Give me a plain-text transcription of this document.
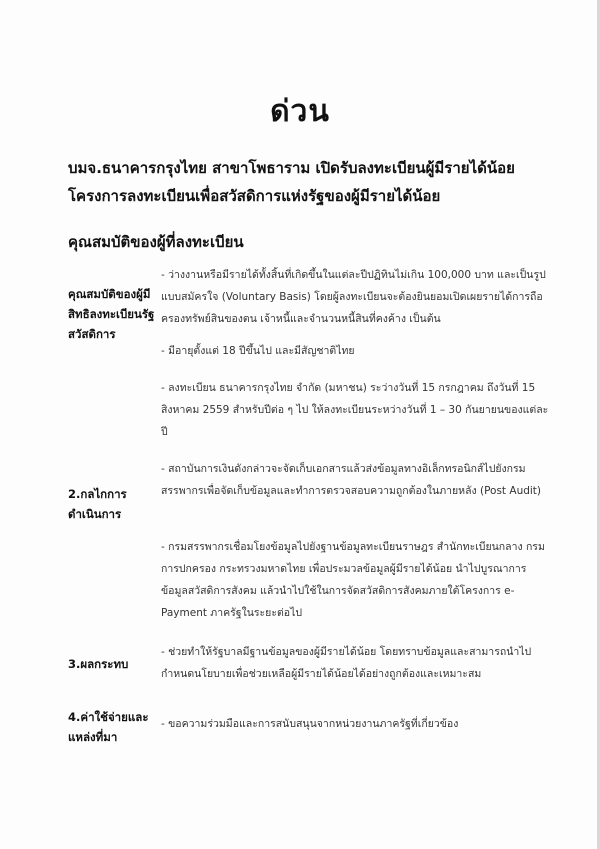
ด่วน
บมจ.ธนาคารกรุงไทย สาขาโพธาราม เปิดรับลงทะเบียนผู้มีรายได้น้อย
โครงการลงทะเบียนเพื่อสวัสดิการแห่งรัฐของผู้มีรายได้น้อย
คุณสมบัติของผู้ที่ลงทะเบียน
คุณสมบัติของผู้มีสิทธิลงทะเบียนรัฐสวัสดิการ
2.กลไกการดำเนินการ
3.ผลกระทบ
4.ค่าใช้จ่ายและแหล่งที่มา
- ว่างงานหรือมีรายได้ทั้งสิ้นที่เกิดขึ้นในแต่ละปีปฏิทินไม่เกิน 100,000 บาท และเป็นรูปแบบสมัครใจ (Voluntary Basis) โดยผู้ลงทะเบียนจะต้องยินยอมเปิดเผยรายได้การถือครองทรัพย์สินของตน เจ้าหนี้และจำนวนหนี้สินที่คงค้าง เป็นต้น
- มีอายุตั้งแต่ 18 ปีขึ้นไป และมีสัญชาติไทย
- ลงทะเบียน ธนาคารกรุงไทย จำกัด (มหาชน) ระว่างวันที่ 15 กรกฎาคม ถึงวันที่ 15 สิงหาคม 2559 สำหรับปีต่อ ๆ ไป ให้ลงทะเบียนระหว่างวันที่ 1 – 30 กันยายนของแต่ละปี
- สถาบันการเงินดังกล่าวจะจัดเก็บเอกสารแล้วส่งข้อมูลทางอิเล็กทรอนิกส์ไปยังกรมสรรพากรเพื่อจัดเก็บข้อมูลและทำการตรวจสอบความถูกต้องในภายหลัง (Post Audit)
- กรมสรรพากรเชื่อมโยงข้อมูลไปยังฐานข้อมูลทะเบียนราษฎร สำนักทะเบียนกลาง กรมการปกครอง กระทรวงมหาดไทย เพื่อประมวลข้อมูลผู้มีรายได้น้อย นำไปบูรณาการข้อมูลสวัสดิการสังคม แล้วนำไปใช้ในการจัดสวัสดิการสังคมภายใต้โครงการ e-Payment ภาครัฐในระยะต่อไป
- ช่วยทำให้รัฐบาลมีฐานข้อมูลของผู้มีรายได้น้อย โดยทราบข้อมูลและสามารถนำไปกำหนดนโยบายเพื่อช่วยเหลือผู้มีรายได้น้อยได้อย่างถูกต้องและเหมาะสม
- ขอความร่วมมือและการสนับสนุนจากหน่วยงานภาครัฐที่เกี่ยวข้อง
